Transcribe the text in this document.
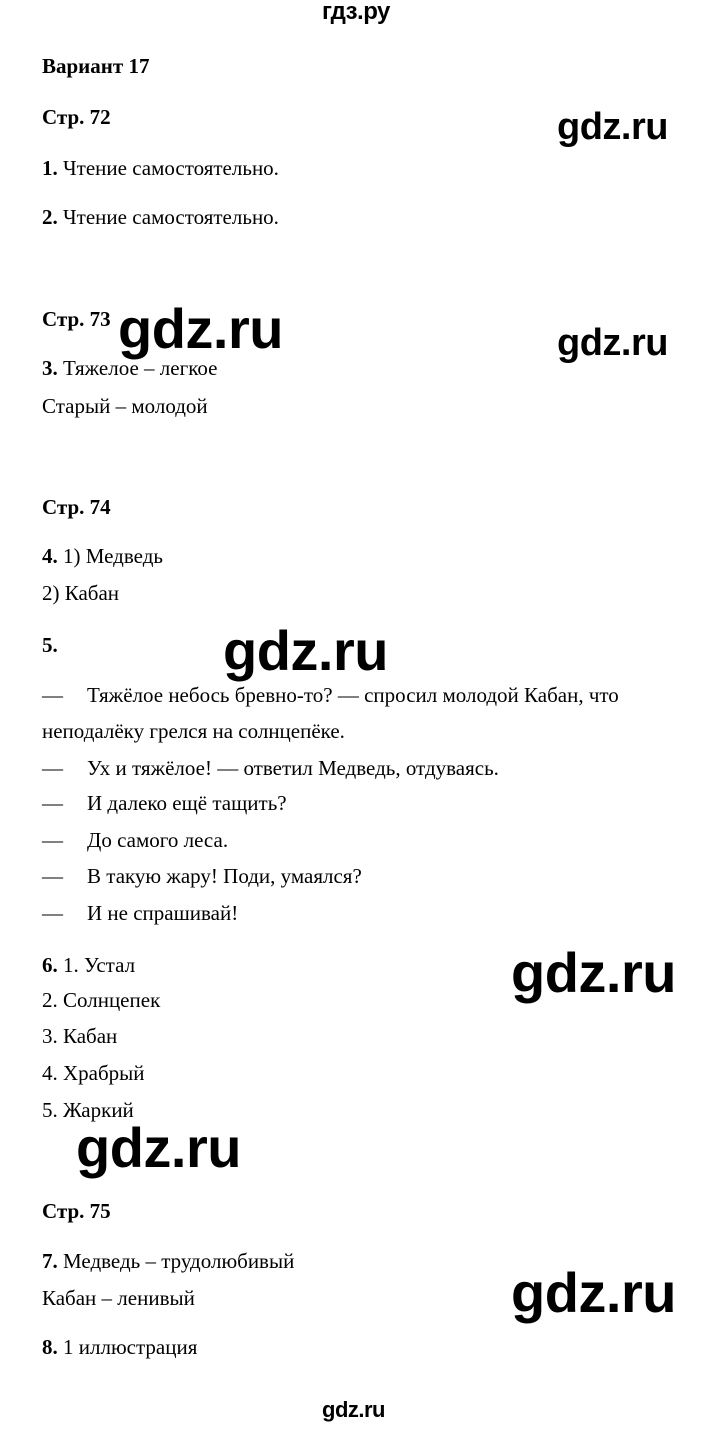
гдз.ру
Вариант 17
Стр. 72	gdz.ru
1. Чтение самостоятельно.
2. Чтение самостоятельно.
Стр. 73 gdz.ru	gdz.ru
3. Тяжелое – легкое
Старый – молодой
Стр. 74
4. 1) Медведь
2) Кабан
5.	gdz.ru
— Тяжёлое небось бревно-то? — спросил молодой Кабан, что
неподалёку грелся на солнцепёке.
— Ух и тяжёлое! — ответил Медведь, отдуваясь.
— И далеко ещё тащить?
— До самого леса.
— В такую жару! Поди, умаялся?
— И не спрашивай!
6. 1. Устал	gdz.ru
2. Солнцепек
3. Кабан
4. Храбрый
5. Жаркий
gdz.ru
Стр. 75
7. Медведь – трудолюбивый
Кабан – ленивый	gdz.ru
8. 1 иллюстрация
gdz.ru
